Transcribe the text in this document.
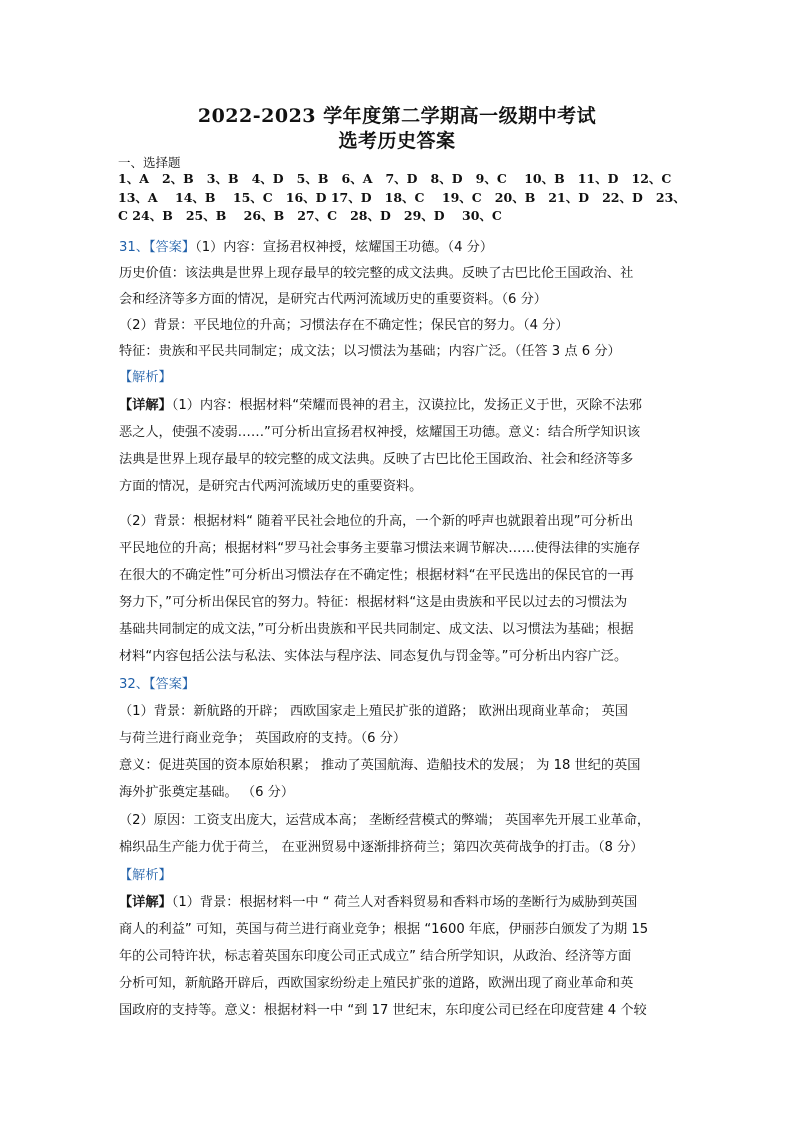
2022-2023 学年度第二学期高一级期中考试
选考历史答案
一、选择题
1、A   2、B   3、B   4、D   5、B   6、A   7、D   8、D   9、C    10、B   11、D   12、C
13、A    14、B    15、C   16、D 17、D   18、C    19、C   20、B   21、D   22、D   23、
C 24、B   25、B    26、B   27、C   28、D   29、D    30、C
31、【答案】（1）内容：宣扬君权神授，炫耀国王功德。（4 分）
历史价值：该法典是世界上现存最早的较完整的成文法典。反映了古巴比伦王国政治、社
会和经济等多方面的情况，是研究古代两河流域历史的重要资料。（6 分）
（2）背景：平民地位的升高；习惯法存在不确定性；保民官的努力。（4 分）
特征：贵族和平民共同制定；成文法；以习惯法为基础；内容广泛。（任答 3 点 6 分）
【解析】
【详解】（1）内容：根据材料“荣耀而畏神的君主，汉谟拉比，发扬正义于世，灭除不法邪
恶之人，使强不凌弱……”可分析出宣扬君权神授，炫耀国王功德。意义：结合所学知识该
法典是世界上现存最早的较完整的成文法典。反映了古巴比伦王国政治、社会和经济等多
方面的情况，是研究古代两河流域历史的重要资料。
（2）背景：根据材料“ 随着平民社会地位的升高，一个新的呼声也就跟着出现”可分析出
平民地位的升高；根据材料“罗马社会事务主要靠习惯法来调节解决……使得法律的实施存
在很大的不确定性”可分析出习惯法存在不确定性；根据材料“在平民选出的保民官的一再
努力下，”可分析出保民官的努力。特征：根据材料“这是由贵族和平民以过去的习惯法为
基础共同制定的成文法，”可分析出贵族和平民共同制定、成文法、以习惯法为基础；根据
材料“内容包括公法与私法、实体法与程序法、同态复仇与罚金等。”可分析出内容广泛。
32、【答案】
（1）背景：新航路的开辟； 西欧国家走上殖民扩张的道路； 欧洲出现商业革命； 英国
与荷兰进行商业竞争； 英国政府的支持。（6 分）
意义：促进英国的资本原始积累； 推动了英国航海、造船技术的发展； 为 18 世纪的英国
海外扩张奠定基础。 （6 分）
（2）原因：工资支出庞大，运营成本高； 垄断经营模式的弊端； 英国率先开展工业革命，
棉织品生产能力优于荷兰， 在亚洲贸易中逐渐排挤荷兰；第四次英荷战争的打击。（8 分）
【解析】
【详解】（1）背景：根据材料一中 “ 荷兰人对香料贸易和香料市场的垄断行为威胁到英国
商人的利益” 可知，英国与荷兰进行商业竞争；根据 “1600 年底，伊丽莎白颁发了为期 15
年的公司特许状，标志着英国东印度公司正式成立” 结合所学知识，从政治、经济等方面
分析可知，新航路开辟后，西欧国家纷纷走上殖民扩张的道路，欧洲出现了商业革命和英
国政府的支持等。意义：根据材料一中 “到 17 世纪末，东印度公司已经在印度营建 4 个较
